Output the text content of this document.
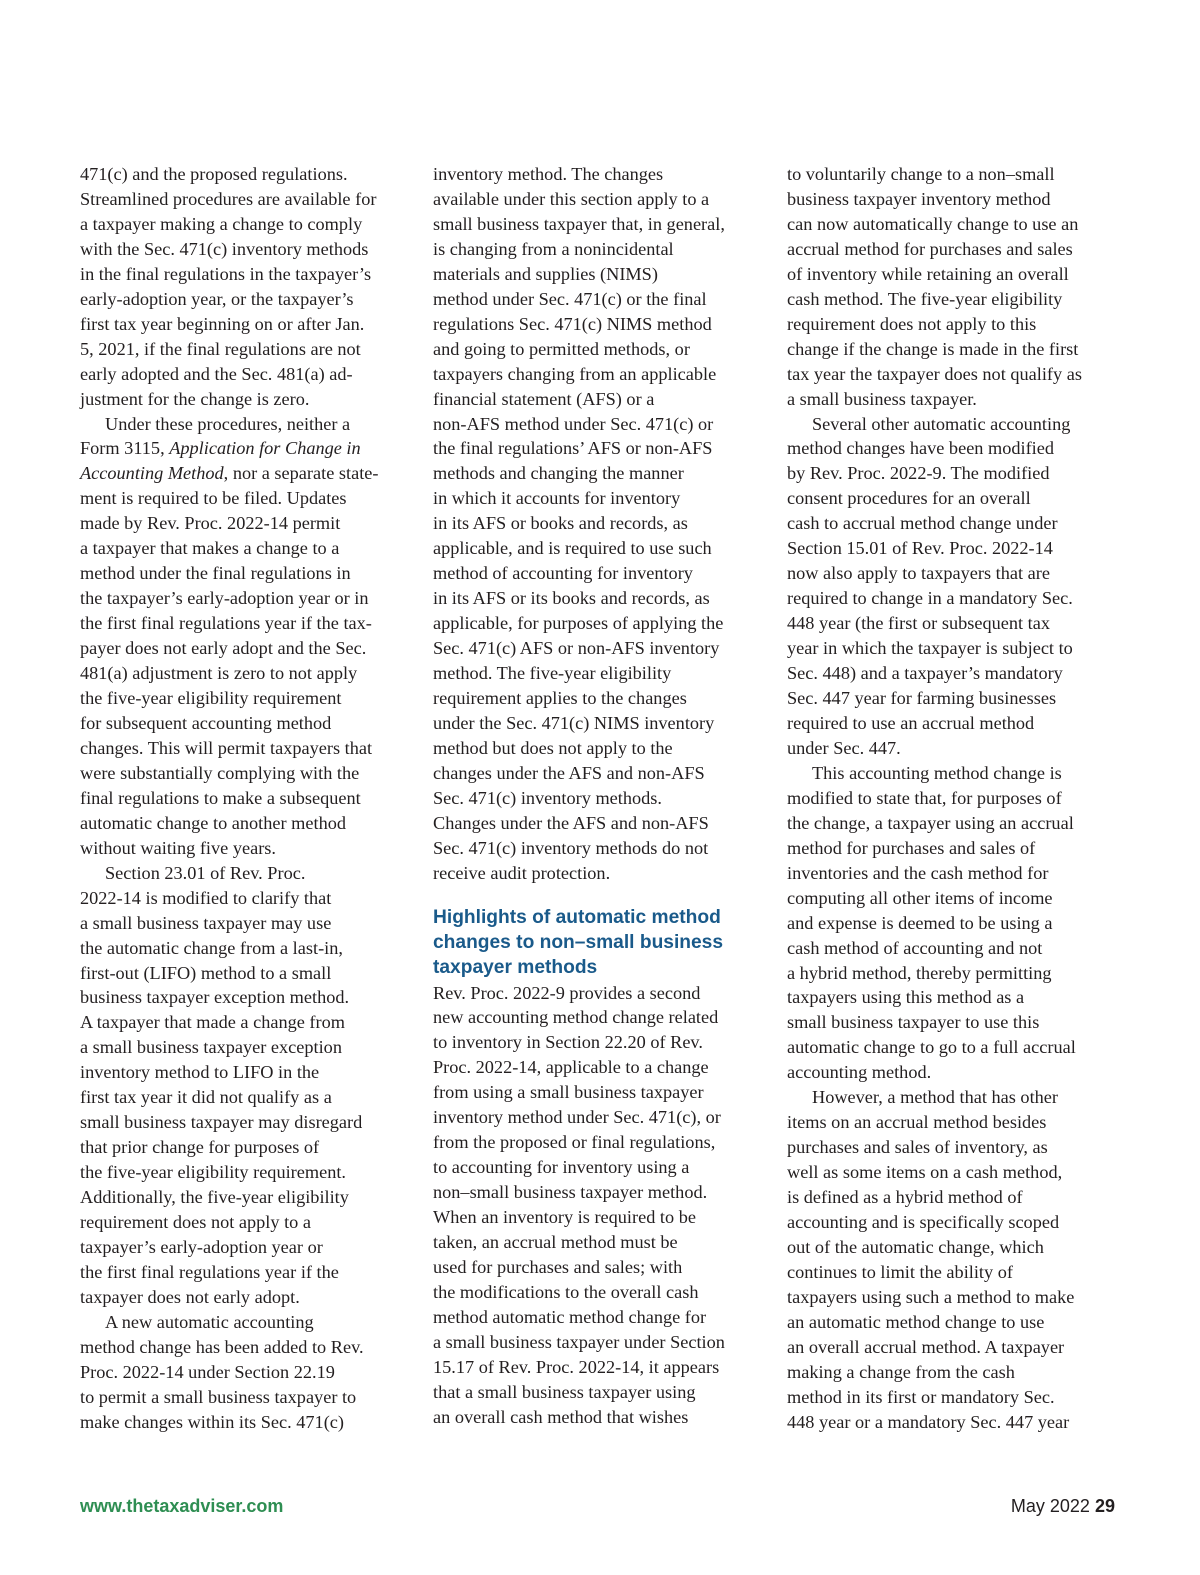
471(c) and the proposed regulations.
Streamlined procedures are available for
a taxpayer making a change to comply
with the Sec. 471(c) inventory methods
in the final regulations in the taxpayer’s
early-adoption year, or the taxpayer’s
first tax year beginning on or after Jan.
5, 2021, if the final regulations are not
early adopted and the Sec. 481(a) ad-
justment for the change is zero.

Under these procedures, neither a
Form 3115, Application for Change in
Accounting Method, nor a separate state-
ment is required to be filed. Updates
made by Rev. Proc. 2022-14 permit
a taxpayer that makes a change to a
method under the final regulations in
the taxpayer’s early-adoption year or in
the first final regulations year if the tax-
payer does not early adopt and the Sec.
481(a) adjustment is zero to not apply
the five-year eligibility requirement
for subsequent accounting method
changes. This will permit taxpayers that
were substantially complying with the
final regulations to make a subsequent
automatic change to another method
without waiting five years.

Section 23.01 of Rev. Proc.
2022-14 is modified to clarify that
a small business taxpayer may use
the automatic change from a last-in,
first-out (LIFO) method to a small
business taxpayer exception method.
A taxpayer that made a change from
a small business taxpayer exception
inventory method to LIFO in the
first tax year it did not qualify as a
small business taxpayer may disregard
that prior change for purposes of
the five-year eligibility requirement.
Additionally, the five-year eligibility
requirement does not apply to a
taxpayer’s early-adoption year or
the first final regulations year if the
taxpayer does not early adopt.

A new automatic accounting
method change has been added to Rev.
Proc. 2022-14 under Section 22.19
to permit a small business taxpayer to
make changes within its Sec. 471(c)

inventory method. The changes
available under this section apply to a
small business taxpayer that, in general,
is changing from a nonincidental
materials and supplies (NIMS)
method under Sec. 471(c) or the final
regulations Sec. 471(c) NIMS method
and going to permitted methods, or
taxpayers changing from an applicable
financial statement (AFS) or a
non-AFS method under Sec. 471(c) or
the final regulations’ AFS or non-AFS
methods and changing the manner
in which it accounts for inventory
in its AFS or books and records, as
applicable, and is required to use such
method of accounting for inventory
in its AFS or its books and records, as
applicable, for purposes of applying the
Sec. 471(c) AFS or non-AFS inventory
method. The five-year eligibility
requirement applies to the changes
under the Sec. 471(c) NIMS inventory
method but does not apply to the
changes under the AFS and non-AFS
Sec. 471(c) inventory methods.
Changes under the AFS and non-AFS
Sec. 471(c) inventory methods do not
receive audit protection.

Highlights of automatic method
changes to non–small business
taxpayer methods

Rev. Proc. 2022-9 provides a second
new accounting method change related
to inventory in Section 22.20 of Rev.
Proc. 2022-14, applicable to a change
from using a small business taxpayer
inventory method under Sec. 471(c), or
from the proposed or final regulations,
to accounting for inventory using a
non–small business taxpayer method.
When an inventory is required to be
taken, an accrual method must be
used for purchases and sales; with
the modifications to the overall cash
method automatic method change for
a small business taxpayer under Section
15.17 of Rev. Proc. 2022-14, it appears
that a small business taxpayer using
an overall cash method that wishes

to voluntarily change to a non–small
business taxpayer inventory method
can now automatically change to use an
accrual method for purchases and sales
of inventory while retaining an overall
cash method. The five-year eligibility
requirement does not apply to this
change if the change is made in the first
tax year the taxpayer does not qualify as
a small business taxpayer.

Several other automatic accounting
method changes have been modified
by Rev. Proc. 2022-9. The modified
consent procedures for an overall
cash to accrual method change under
Section 15.01 of Rev. Proc. 2022-14
now also apply to taxpayers that are
required to change in a mandatory Sec.
448 year (the first or subsequent tax
year in which the taxpayer is subject to
Sec. 448) and a taxpayer’s mandatory
Sec. 447 year for farming businesses
required to use an accrual method
under Sec. 447.

This accounting method change is
modified to state that, for purposes of
the change, a taxpayer using an accrual
method for purchases and sales of
inventories and the cash method for
computing all other items of income
and expense is deemed to be using a
cash method of accounting and not
a hybrid method, thereby permitting
taxpayers using this method as a
small business taxpayer to use this
automatic change to go to a full accrual
accounting method.

However, a method that has other
items on an accrual method besides
purchases and sales of inventory, as
well as some items on a cash method,
is defined as a hybrid method of
accounting and is specifically scoped
out of the automatic change, which
continues to limit the ability of
taxpayers using such a method to make
an automatic method change to use
an overall accrual method. A taxpayer
making a change from the cash
method in its first or mandatory Sec.
448 year or a mandatory Sec. 447 year

www.thetaxadviser.com	May 2022 29
